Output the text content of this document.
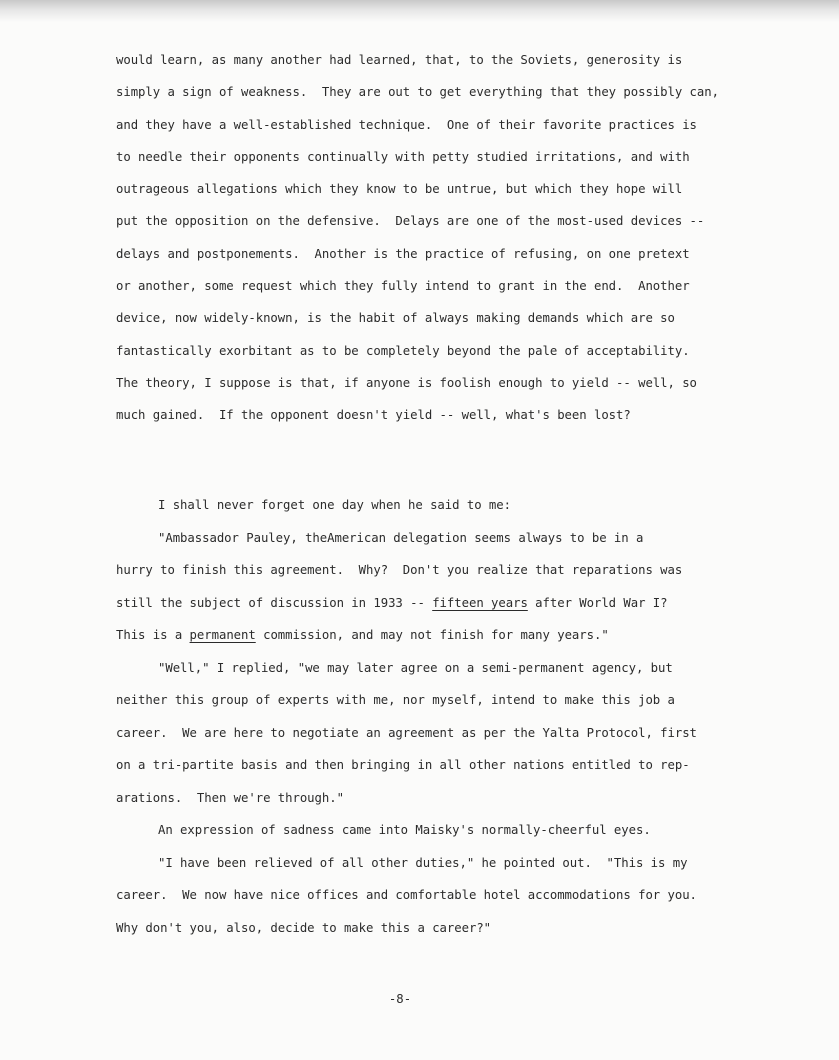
would learn, as many another had learned, that, to the Soviets, generosity is
simply a sign of weakness.  They are out to get everything that they possibly can,
and they have a well-established technique.  One of their favorite practices is
to needle their opponents continually with petty studied irritations, and with
outrageous allegations which they know to be untrue, but which they hope will
put the opposition on the defensive.  Delays are one of the most-used devices --
delays and postponements.  Another is the practice of refusing, on one pretext
or another, some request which they fully intend to grant in the end.  Another
device, now widely-known, is the habit of always making demands which are so
fantastically exorbitant as to be completely beyond the pale of acceptability.
The theory, I suppose is that, if anyone is foolish enough to yield -- well, so
much gained.  If the opponent doesn't yield -- well, what's been lost?
I shall never forget one day when he said to me:
"Ambassador Pauley, theAmerican delegation seems always to be in a
hurry to finish this agreement.  Why?  Don't you realize that reparations was
still the subject of discussion in 1933 -- fifteen years after World War I?
This is a permanent commission, and may not finish for many years."
"Well," I replied, "we may later agree on a semi-permanent agency, but
neither this group of experts with me, nor myself, intend to make this job a
career.  We are here to negotiate an agreement as per the Yalta Protocol, first
on a tri-partite basis and then bringing in all other nations entitled to rep-
arations.  Then we're through."
An expression of sadness came into Maisky's normally-cheerful eyes.
"I have been relieved of all other duties," he pointed out.  "This is my
career.  We now have nice offices and comfortable hotel accommodations for you.
Why don't you, also, decide to make this a career?"
-8-
